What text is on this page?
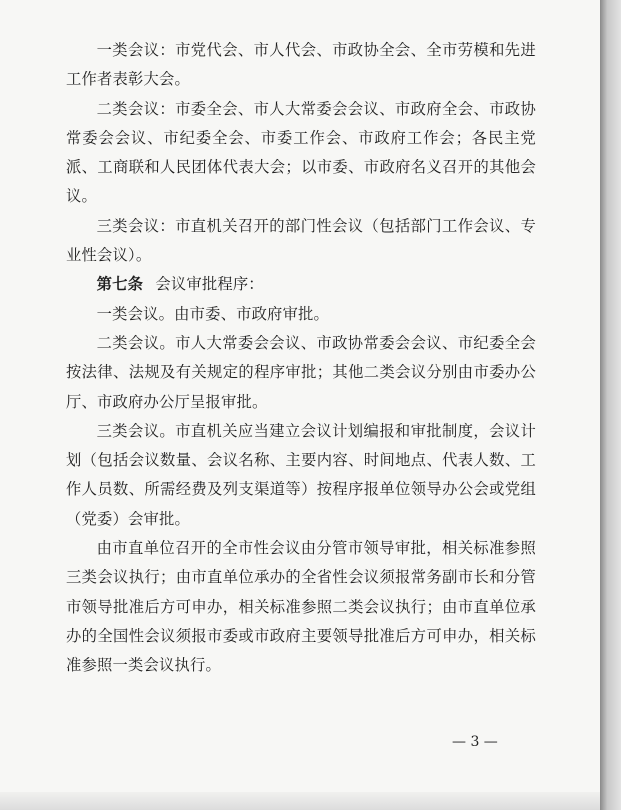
一类会议：市党代会、市人代会、市政协全会、全市劳模和先进工作者表彰大会。

二类会议：市委全会、市人大常委会会议、市政府全会、市政协常委会会议、市纪委全会、市委工作会、市政府工作会；各民主党派、工商联和人民团体代表大会；以市委、市政府名义召开的其他会议。

三类会议：市直机关召开的部门性会议（包括部门工作会议、专业性会议）。

第七条 会议审批程序：

一类会议。由市委、市政府审批。

二类会议。市人大常委会会议、市政协常委会会议、市纪委全会按法律、法规及有关规定的程序审批；其他二类会议分别由市委办公厅、市政府办公厅呈报审批。

三类会议。市直机关应当建立会议计划编报和审批制度，会议计划（包括会议数量、会议名称、主要内容、时间地点、代表人数、工作人员数、所需经费及列支渠道等）按程序报单位领导办公会或党组（党委）会审批。

由市直单位召开的全市性会议由分管市领导审批，相关标准参照三类会议执行；由市直单位承办的全省性会议须报常务副市长和分管市领导批准后方可申办，相关标准参照二类会议执行；由市直单位承办的全国性会议须报市委或市政府主要领导批准后方可申办，相关标准参照一类会议执行。

— 3 —
